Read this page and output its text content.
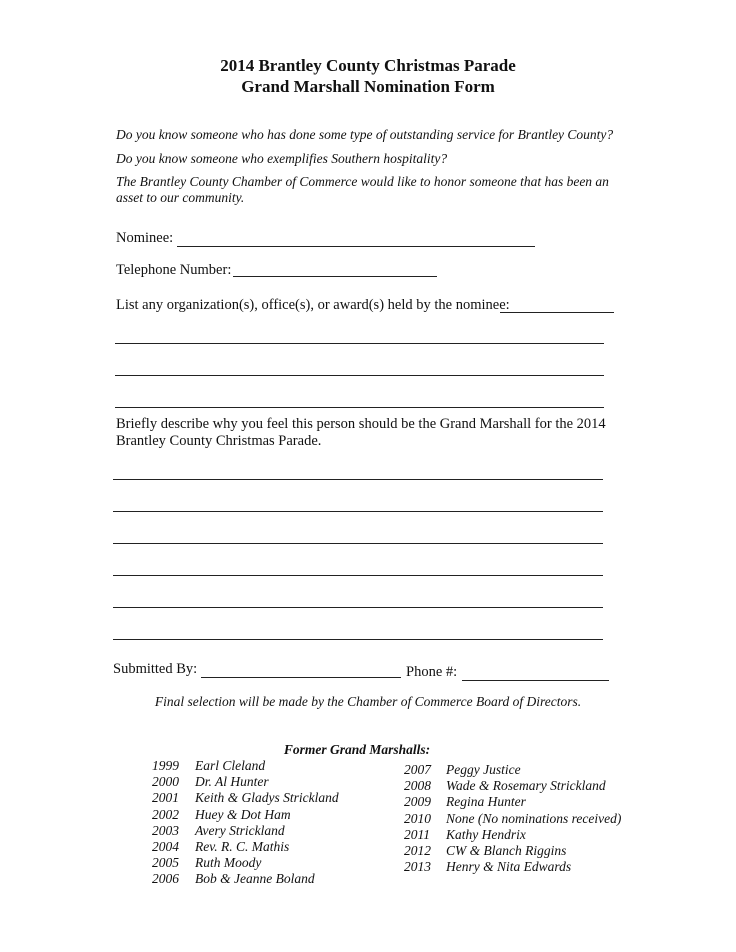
2014 Brantley County Christmas Parade
Grand Marshall Nomination Form
Do you know someone who has done some type of outstanding service for Brantley County?
Do you know someone who exemplifies Southern hospitality?
The Brantley County Chamber of Commerce would like to honor someone that has been an asset to our community.
Nominee:
Telephone Number:
List any organization(s), office(s), or award(s) held by the nominee:
Briefly describe why you feel this person should be the Grand Marshall for the 2014 Brantley County Christmas Parade.
Submitted By:	Phone #:
Final selection will be made by the Chamber of Commerce Board of Directors.
Former Grand Marshalls:
1999	Earl Cleland
2000	Dr. Al Hunter
2001	Keith & Gladys Strickland
2002	Huey & Dot Ham
2003	Avery Strickland
2004	Rev. R. C. Mathis
2005	Ruth Moody
2006	Bob & Jeanne Boland
2007	Peggy Justice
2008	Wade & Rosemary Strickland
2009	Regina Hunter
2010	None (No nominations received)
2011	Kathy Hendrix
2012	CW & Blanch Riggins
2013	Henry & Nita Edwards
